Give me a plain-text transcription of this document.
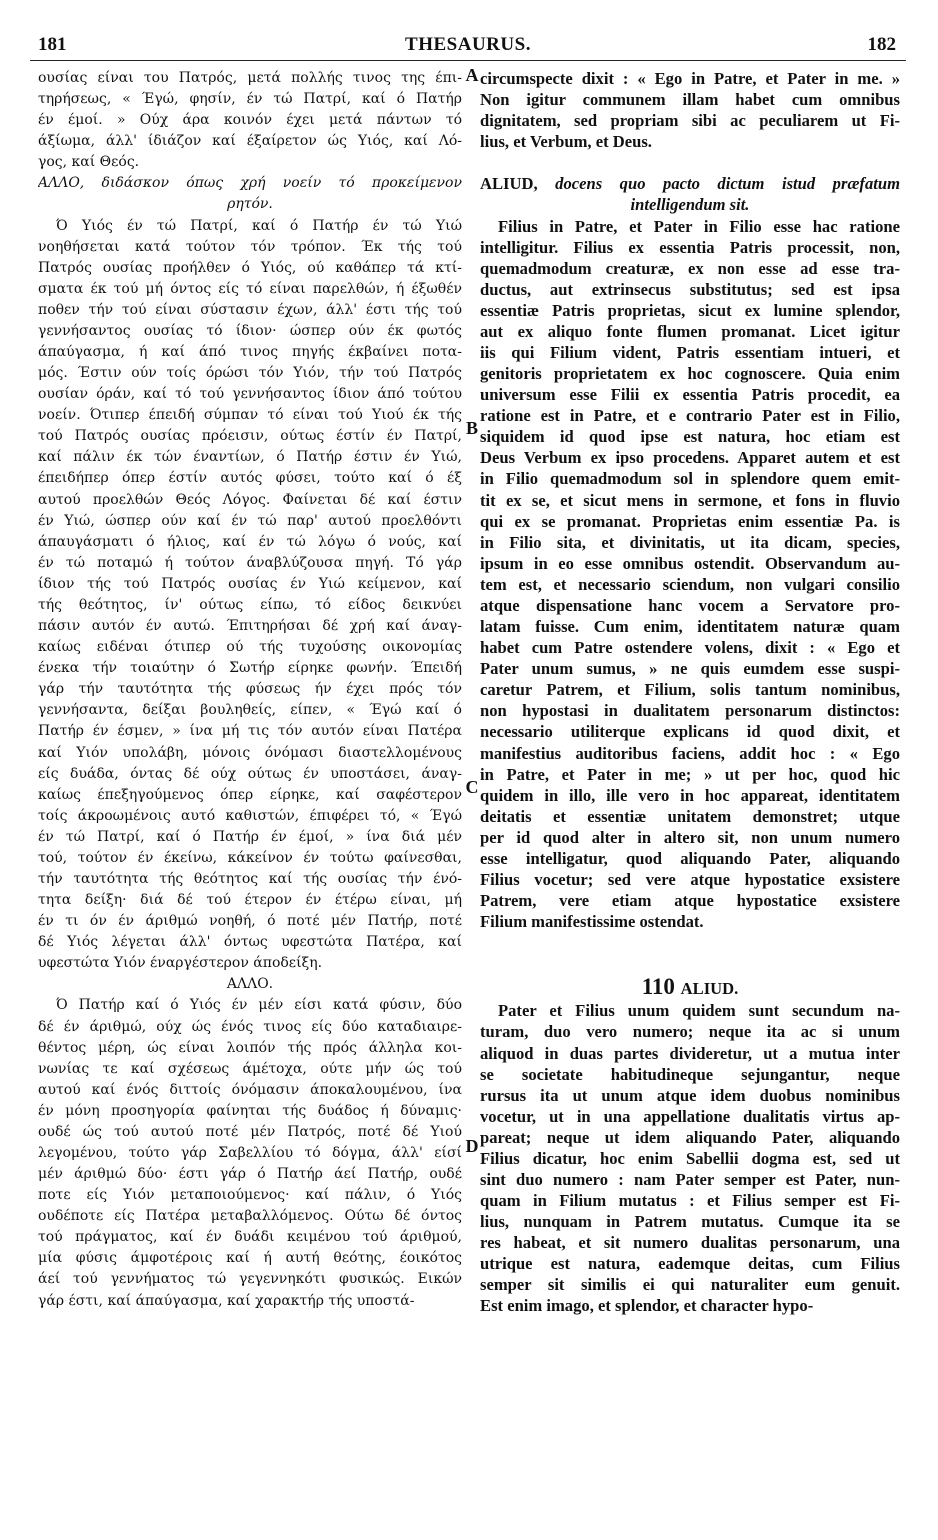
181	THESAURUS.	182
A
B
C
D
ουσίας είναι του Πατρός, μετά πολλής τινος της έπι-
τηρήσεως, « Έγώ, φησίν, έν τώ Πατρί, καί ό Πατήρ
έν έμοί. » Ούχ άρα κοινόν έχει μετά πάντων τό
άξίωμα, άλλ' ίδιάζον καί έξαίρετον ώς Υιός, καί Λό-
γος, καί Θεός.
ΑΛΛΟ, διδάσκον όπως χρή νοείν τό προκείμενον
ρητόν.
Ό Υιός έν τώ Πατρί, καί ό Πατήρ έν τώ Υιώ
νοηθήσεται κατά τούτον τόν τρόπον. Έκ τής τού
Πατρός ουσίας προήλθεν ό Υιός, ού καθάπερ τά κτί-
σματα έκ τού μή όντος είς τό είναι παρελθών, ή έξωθέν
ποθεν τήν τού είναι σύστασιν έχων, άλλ' έστι τής τού
γεννήσαντος ουσίας τό ίδιον· ώσπερ ούν έκ φωτός
άπαύγασμα, ή καί άπό τινος πηγής έκβαίνει ποτα-
μός. Έστιν ούν τοίς όρώσι τόν Υιόν, τήν τού Πατρός
ουσίαν όράν, καί τό τού γεννήσαντος ίδιον άπό τούτου
νοείν. Ότιπερ έπειδή σύμπαν τό είναι τού Υιού έκ τής
τού Πατρός ουσίας πρόεισιν, ούτως έστίν έν Πατρί,
καί πάλιν έκ τών έναντίων, ό Πατήρ έστιν έν Υιώ,
έπειδήπερ όπερ έστίν αυτός φύσει, τούτο καί ό έξ
αυτού προελθών Θεός Λόγος. Φαίνεται δέ καί έστιν
έν Υιώ, ώσπερ ούν καί έν τώ παρ' αυτού προελθόντι
άπαυγάσματι ό ήλιος, καί έν τώ λόγω ό νούς, καί
έν τώ ποταμώ ή τούτον άναβλύζουσα πηγή. Τό γάρ
ίδιον τής τού Πατρός ουσίας έν Υιώ κείμενον, καί
τής θεότητος, ίν' ούτως είπω, τό είδος δεικνύει
πάσιν αυτόν έν αυτώ. Έπιτηρήσαι δέ χρή καί άναγ-
καίως ειδέναι ότιπερ ού τής τυχούσης οικονομίας
ένεκα τήν τοιαύτην ό Σωτήρ είρηκε φωνήν. Έπειδή
γάρ τήν ταυτότητα τής φύσεως ήν έχει πρός τόν
γεννήσαντα, δείξαι βουληθείς, είπεν, « Έγώ καί ό
Πατήρ έν έσμεν, » ίνα μή τις τόν αυτόν είναι Πατέρα
καί Υιόν υπολάβη, μόνοις όνόμασι διαστελλομένους
είς δυάδα, όντας δέ ούχ ούτως έν υποστάσει, άναγ-
καίως έπεξηγούμενος όπερ είρηκε, καί σαφέστερον
τοίς άκροωμένοις αυτό καθιστών, έπιφέρει τό, « Έγώ
έν τώ Πατρί, καί ό Πατήρ έν έμοί, » ίνα διά μέν
τού, τούτον έν έκείνω, κάκείνον έν τούτω φαίνεσθαι,
τήν ταυτότητα τής θεότητος καί τής ουσίας τήν ένό-
τητα δείξη· διά δέ τού έτερον έν έτέρω είναι, μή
έν τι όν έν άριθμώ νοηθή, ό ποτέ μέν Πατήρ, ποτέ
δέ Υιός λέγεται άλλ' όντως υφεστώτα Πατέρα, καί
υφεστώτα Υιόν έναργέστερον άποδείξη.
ΑΛΛΟ.
Ό Πατήρ καί ό Υιός έν μέν είσι κατά φύσιν, δύο
δέ έν άριθμώ, ούχ ώς ένός τινος είς δύο καταδιαιρε-
θέντος μέρη, ώς είναι λοιπόν τής πρός άλληλα κοι-
νωνίας τε καί σχέσεως άμέτοχα, ούτε μήν ώς τού
αυτού καί ένός διττοίς όνόμασιν άποκαλουμένου, ίνα
έν μόνη προσηγορία φαίνηται τής δυάδος ή δύναμις·
ουδέ ώς τού αυτού ποτέ μέν Πατρός, ποτέ δέ Υιού
λεγομένου, τούτο γάρ Σαβελλίου τό δόγμα, άλλ' είσί
μέν άριθμώ δύο· έστι γάρ ό Πατήρ άεί Πατήρ, ουδέ
ποτε είς Υιόν μεταποιούμενος· καί πάλιν, ό Υιός
ουδέποτε είς Πατέρα μεταβαλλόμενος. Ούτω δέ όντος
τού πράγματος, καί έν δυάδι κειμένου τού άριθμού,
μία φύσις άμφοτέροις καί ή αυτή θεότης, έοικότος
άεί τού γεννήματος τώ γεγεννηκότι φυσικώς. Εικών
γάρ έστι, καί άπαύγασμα, καί χαρακτήρ τής υποστά-
circumspecte dixit : « Ego in Patre, et Pater in me. »
Non igitur communem illam habet cum omnibus
dignitatem, sed propriam sibi ac peculiarem ut Fi-
lius, et Verbum, et Deus.
ALIUD, docens quo pacto dictum istud præfatum
intelligendum sit.
Filius in Patre, et Pater in Filio esse hac ratione
intelligitur. Filius ex essentia Patris processit, non,
quemadmodum creaturæ, ex non esse ad esse tra-
ductus, aut extrinsecus substitutus; sed est ipsa
essentiæ Patris proprietas, sicut ex lumine splendor,
aut ex aliquo fonte flumen promanat. Licet igitur
iis qui Filium vident, Patris essentiam intueri, et
genitoris proprietatem ex hoc cognoscere. Quia enim
universum esse Filii ex essentia Patris procedit, ea
ratione est in Patre, et e contrario Pater est in Filio,
siquidem id quod ipse est natura, hoc etiam est
Deus Verbum ex ipso procedens. Apparet autem et est
in Filio quemadmodum sol in splendore quem emit-
tit ex se, et sicut mens in sermone, et fons in fluvio
qui ex se promanat. Proprietas enim essentiæ Pa. is
in Filio sita, et divinitatis, ut ita dicam, species,
ipsum in eo esse omnibus ostendit. Observandum au-
tem est, et necessario sciendum, non vulgari consilio
atque dispensatione hanc vocem a Servatore pro-
latam fuisse. Cum enim, identitatem naturæ quam
habet cum Patre ostendere volens, dixit : « Ego et
Pater unum sumus, » ne quis eumdem esse suspi-
caretur Patrem, et Filium, solis tantum nominibus,
non hypostasi in dualitatem personarum distinctos:
necessario utiliterque explicans id quod dixit, et
manifestius auditoribus faciens, addit hoc : « Ego
in Patre, et Pater in me; » ut per hoc, quod hic
quidem in illo, ille vero in hoc appareat, identitatem
deitatis et essentiæ unitatem demonstret; utque
per id quod alter in altero sit, non unum numero
esse intelligatur, quod aliquando Pater, aliquando
Filius vocetur; sed vere atque hypostatice exsistere
Patrem, vere etiam atque hypostatice exsistere
Filium manifestissime ostendat.
110 ALIUD.
Pater et Filius unum quidem sunt secundum na-
turam, duo vero numero; neque ita ac si unum
aliquod in duas partes divideretur, ut a mutua inter
se societate habitudineque sejungantur, neque
rursus ita ut unum atque idem duobus nominibus
vocetur, ut in una appellatione dualitatis virtus ap-
pareat; neque ut idem aliquando Pater, aliquando
Filius dicatur, hoc enim Sabellii dogma est, sed ut
sint duo numero : nam Pater semper est Pater, nun-
quam in Filium mutatus : et Filius semper est Fi-
lius, nunquam in Patrem mutatus. Cumque ita se
res habeat, et sit numero dualitas personarum, una
utrique est natura, eademque deitas, cum Filius
semper sit similis ei qui naturaliter eum genuit.
Est enim imago, et splendor, et character hypo-
